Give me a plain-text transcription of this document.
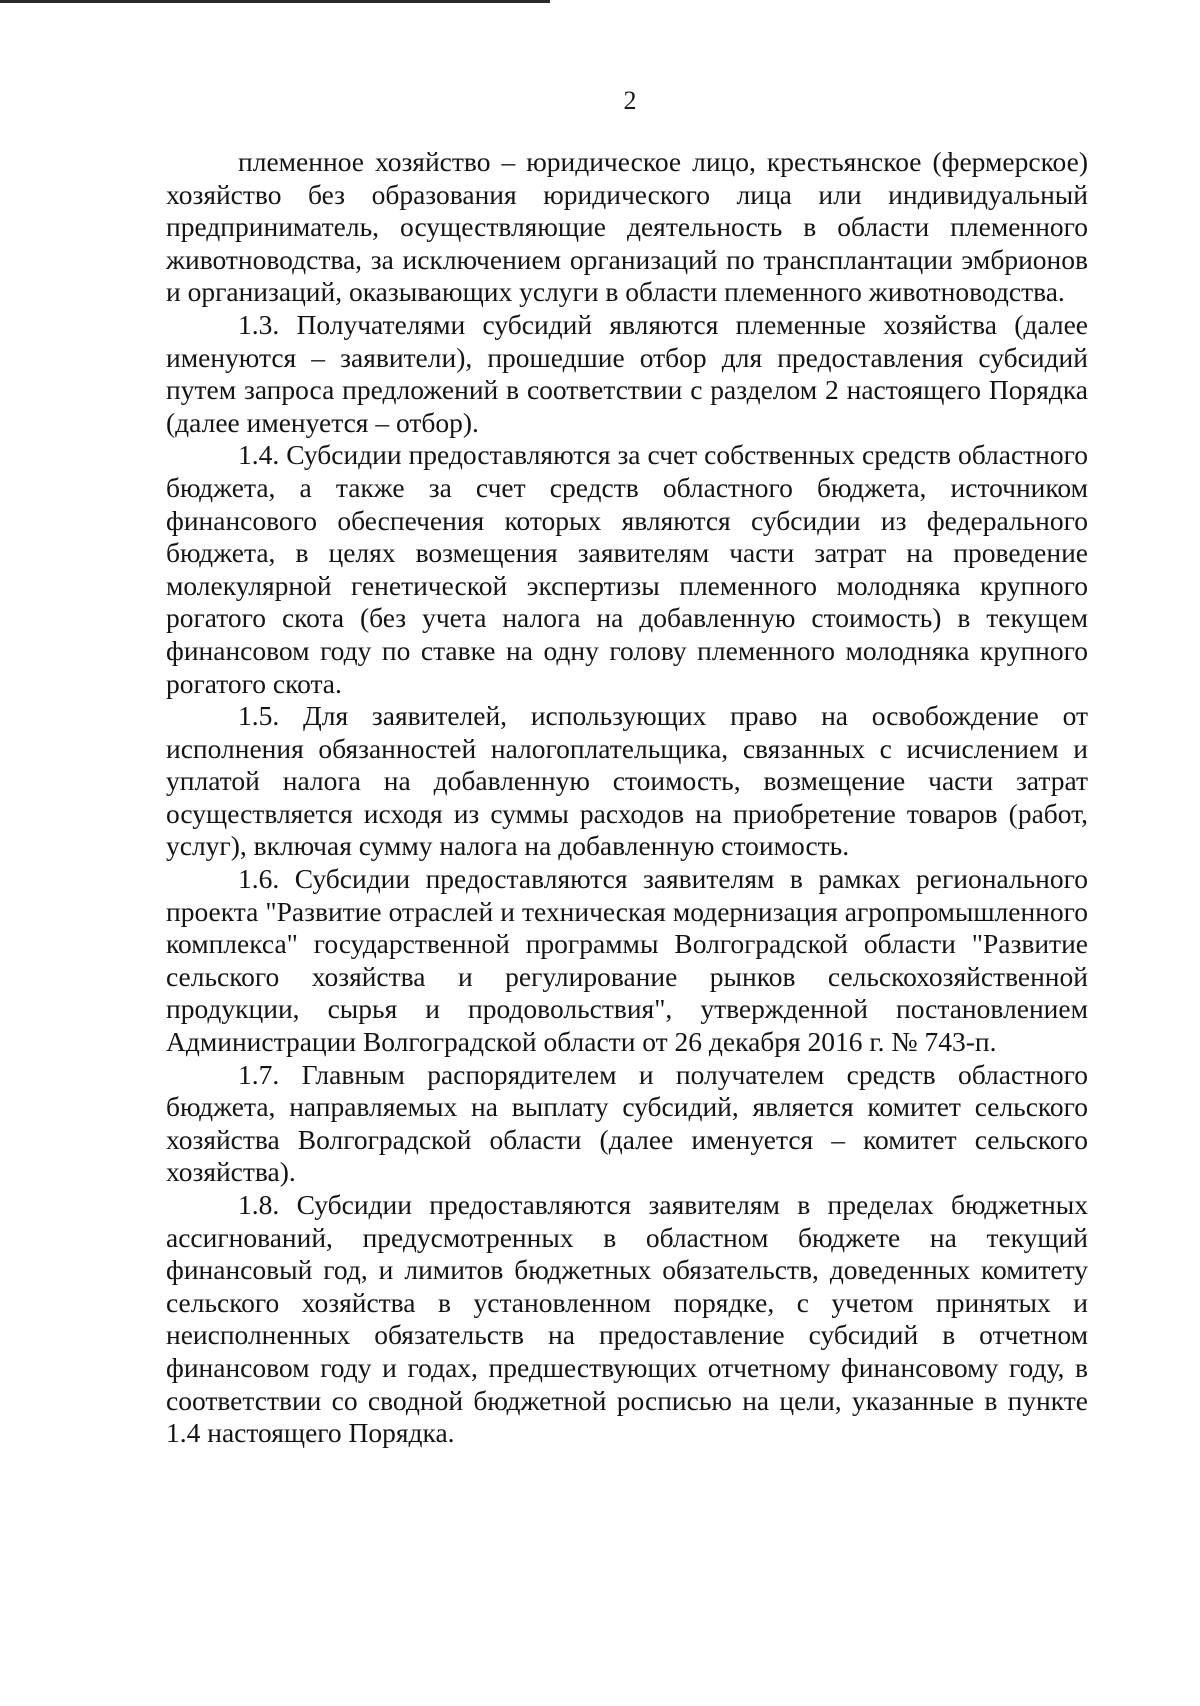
2

племенное хозяйство – юридическое лицо, крестьянское (фермерское) хозяйство без образования юридического лица или индивидуальный предприниматель, осуществляющие деятельность в области племенного животноводства, за исключением организаций по трансплантации эмбрионов и организаций, оказывающих услуги в области племенного животноводства.

1.3. Получателями субсидий являются племенные хозяйства (далее именуются – заявители), прошедшие отбор для предоставления субсидий путем запроса предложений в соответствии с разделом 2 настоящего Порядка (далее именуется – отбор).

1.4. Субсидии предоставляются за счет собственных средств областного бюджета, а также за счет средств областного бюджета, источником финансового обеспечения которых являются субсидии из федерального бюджета, в целях возмещения заявителям части затрат на проведение молекулярной генетической экспертизы племенного молодняка крупного рогатого скота (без учета налога на добавленную стоимость) в текущем финансовом году по ставке на одну голову племенного молодняка крупного рогатого скота.

1.5. Для заявителей, использующих право на освобождение от исполнения обязанностей налогоплательщика, связанных с исчислением и уплатой налога на добавленную стоимость, возмещение части затрат осуществляется исходя из суммы расходов на приобретение товаров (работ, услуг), включая сумму налога на добавленную стоимость.

1.6. Субсидии предоставляются заявителям в рамках регионального проекта "Развитие отраслей и техническая модернизация агропромышленного комплекса" государственной программы Волгоградской области "Развитие сельского хозяйства и регулирование рынков сельскохозяйственной продукции, сырья и продовольствия", утвержденной постановлением Администрации Волгоградской области от 26 декабря 2016 г. № 743-п.

1.7. Главным распорядителем и получателем средств областного бюджета, направляемых на выплату субсидий, является комитет сельского хозяйства Волгоградской области (далее именуется – комитет сельского хозяйства).

1.8. Субсидии предоставляются заявителям в пределах бюджетных ассигнований, предусмотренных в областном бюджете на текущий финансовый год, и лимитов бюджетных обязательств, доведенных комитету сельского хозяйства в установленном порядке, с учетом принятых и неисполненных обязательств на предоставление субсидий в отчетном финансовом году и годах, предшествующих отчетному финансовому году, в соответствии со сводной бюджетной росписью на цели, указанные в пункте 1.4 настоящего Порядка.
